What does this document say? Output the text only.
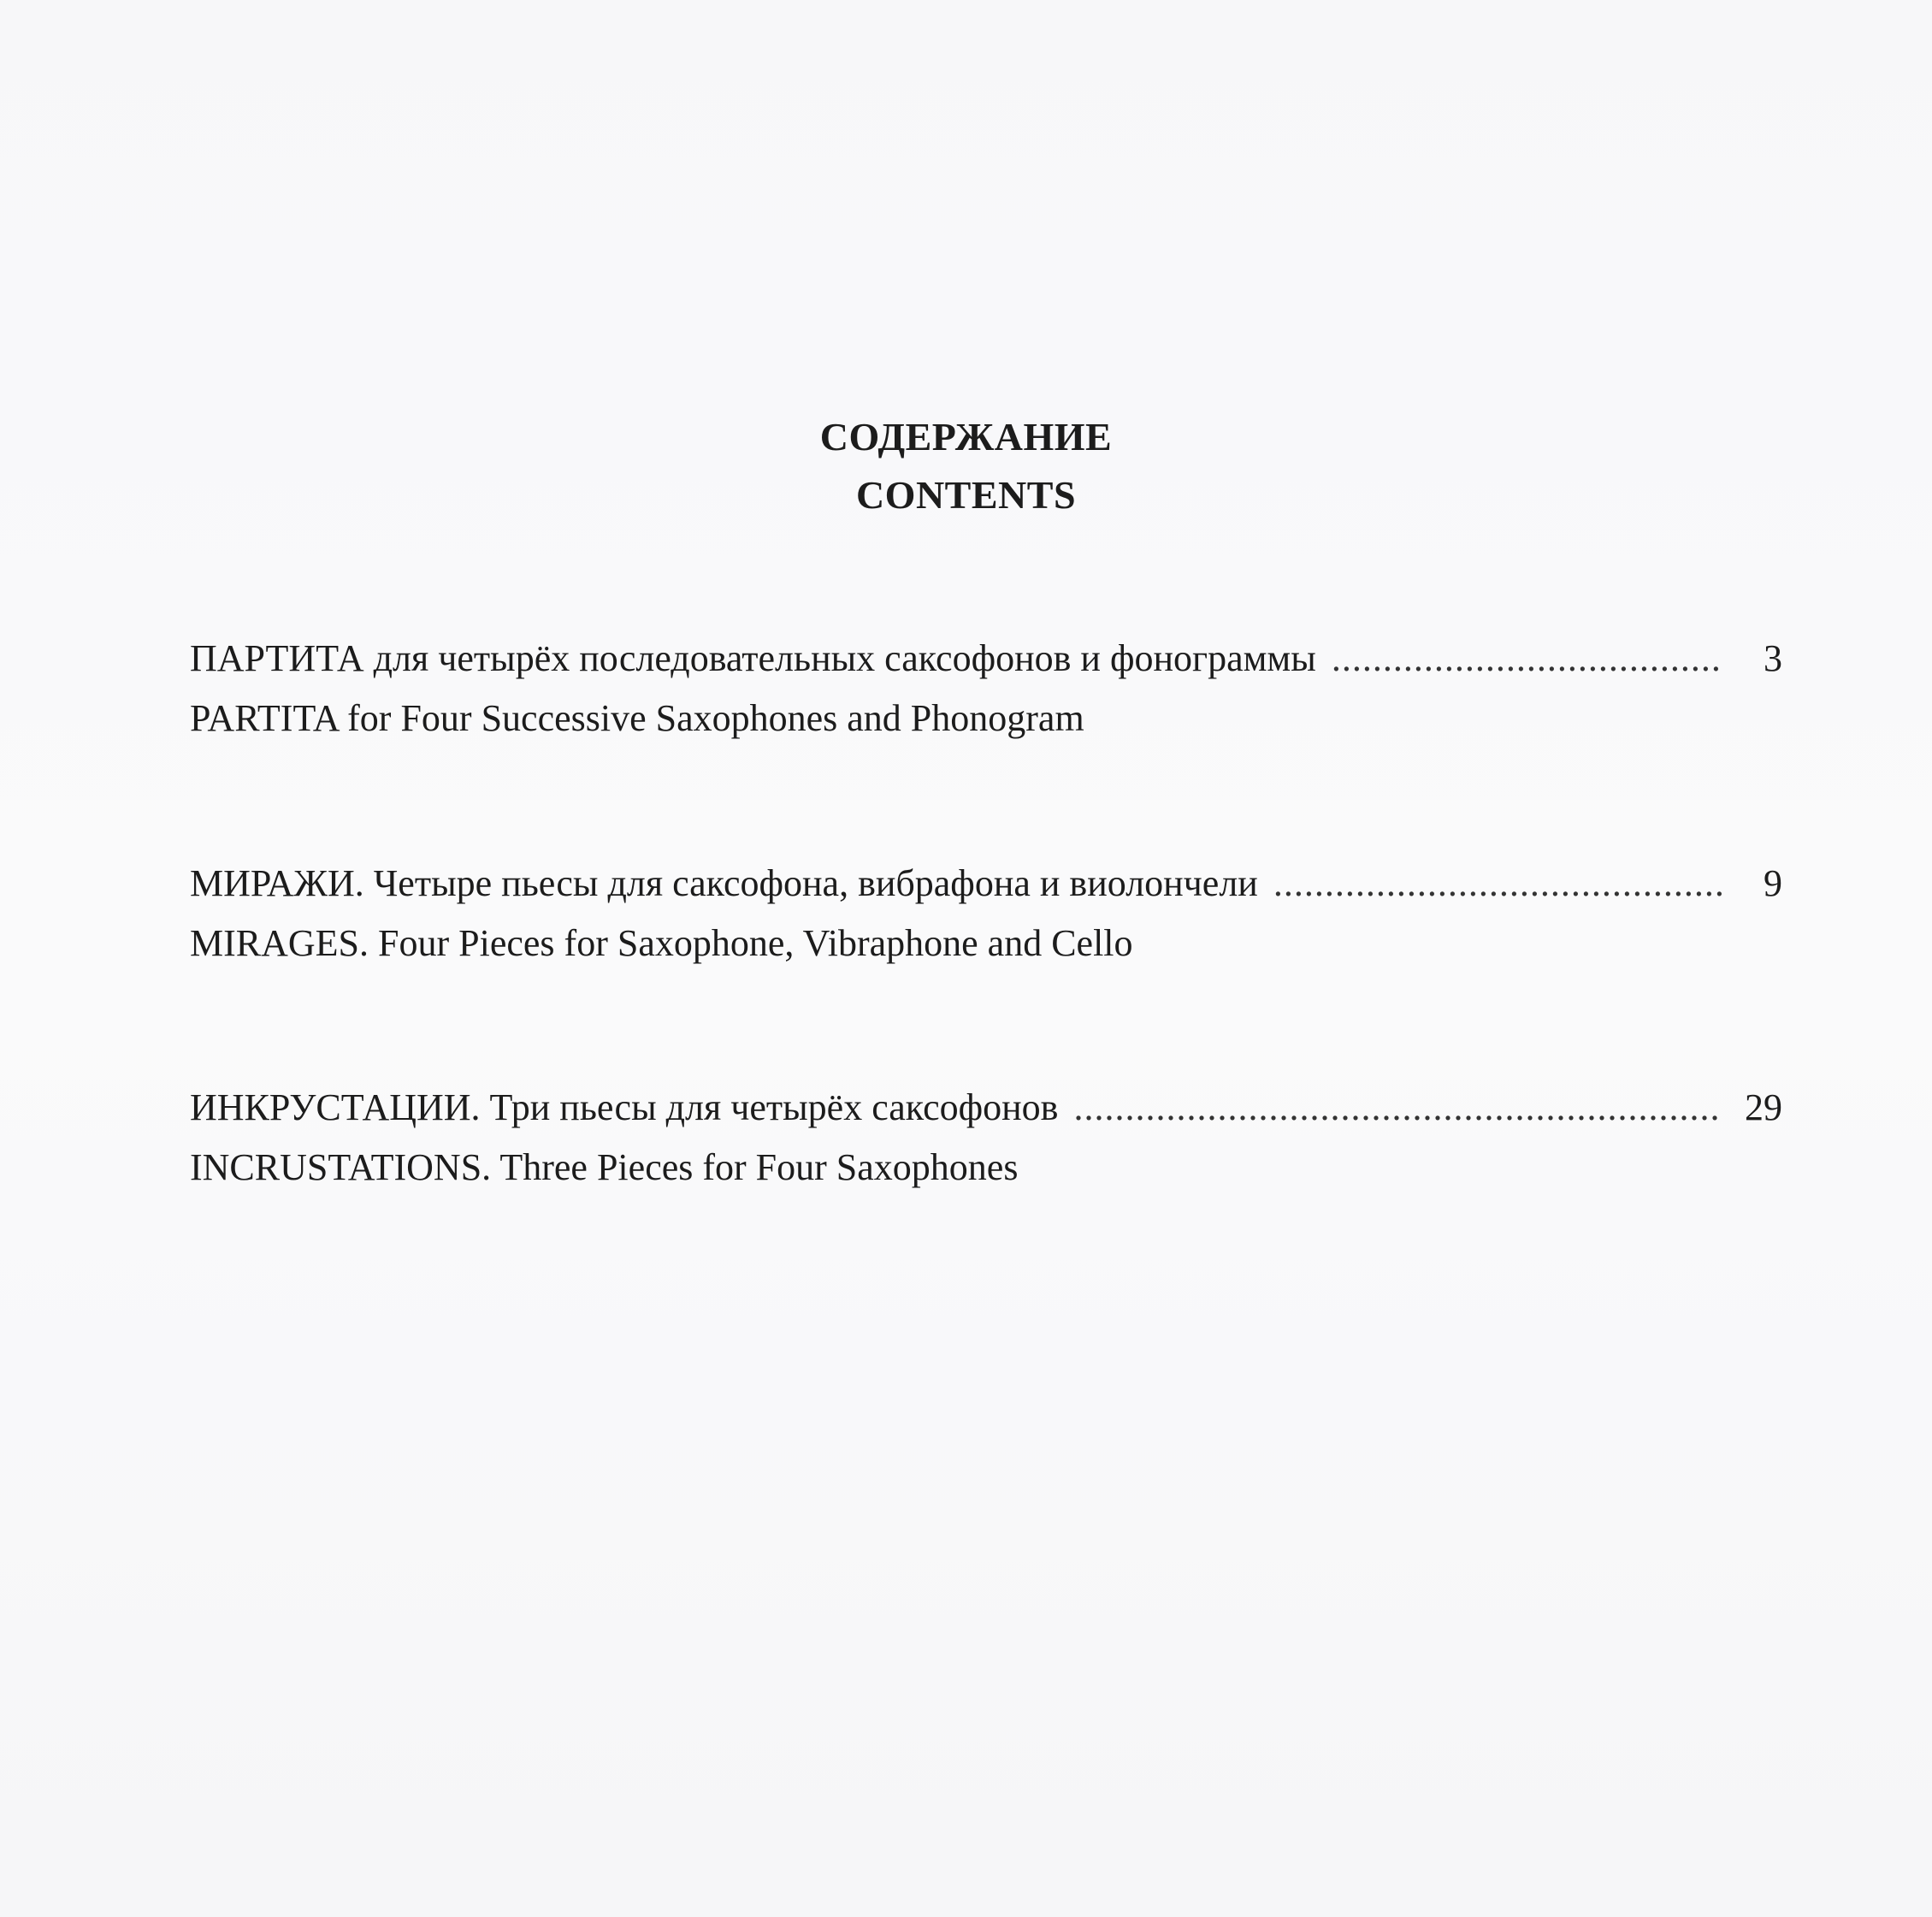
СОДЕРЖАНИЕ
CONTENTS
ПАРТИТА для четырёх последовательных саксофонов и фонограммы .....	3
PARTITA for Four Successive Saxophones and Phonogram
МИРАЖИ. Четыре пьесы для саксофона, вибрафона и виолончели .....	9
MIRAGES. Four Pieces for Saxophone, Vibraphone and Cello
ИНКРУСТАЦИИ. Три пьесы для четырёх саксофонов .....	29
INCRUSTATIONS. Three Pieces for Four Saxophones
